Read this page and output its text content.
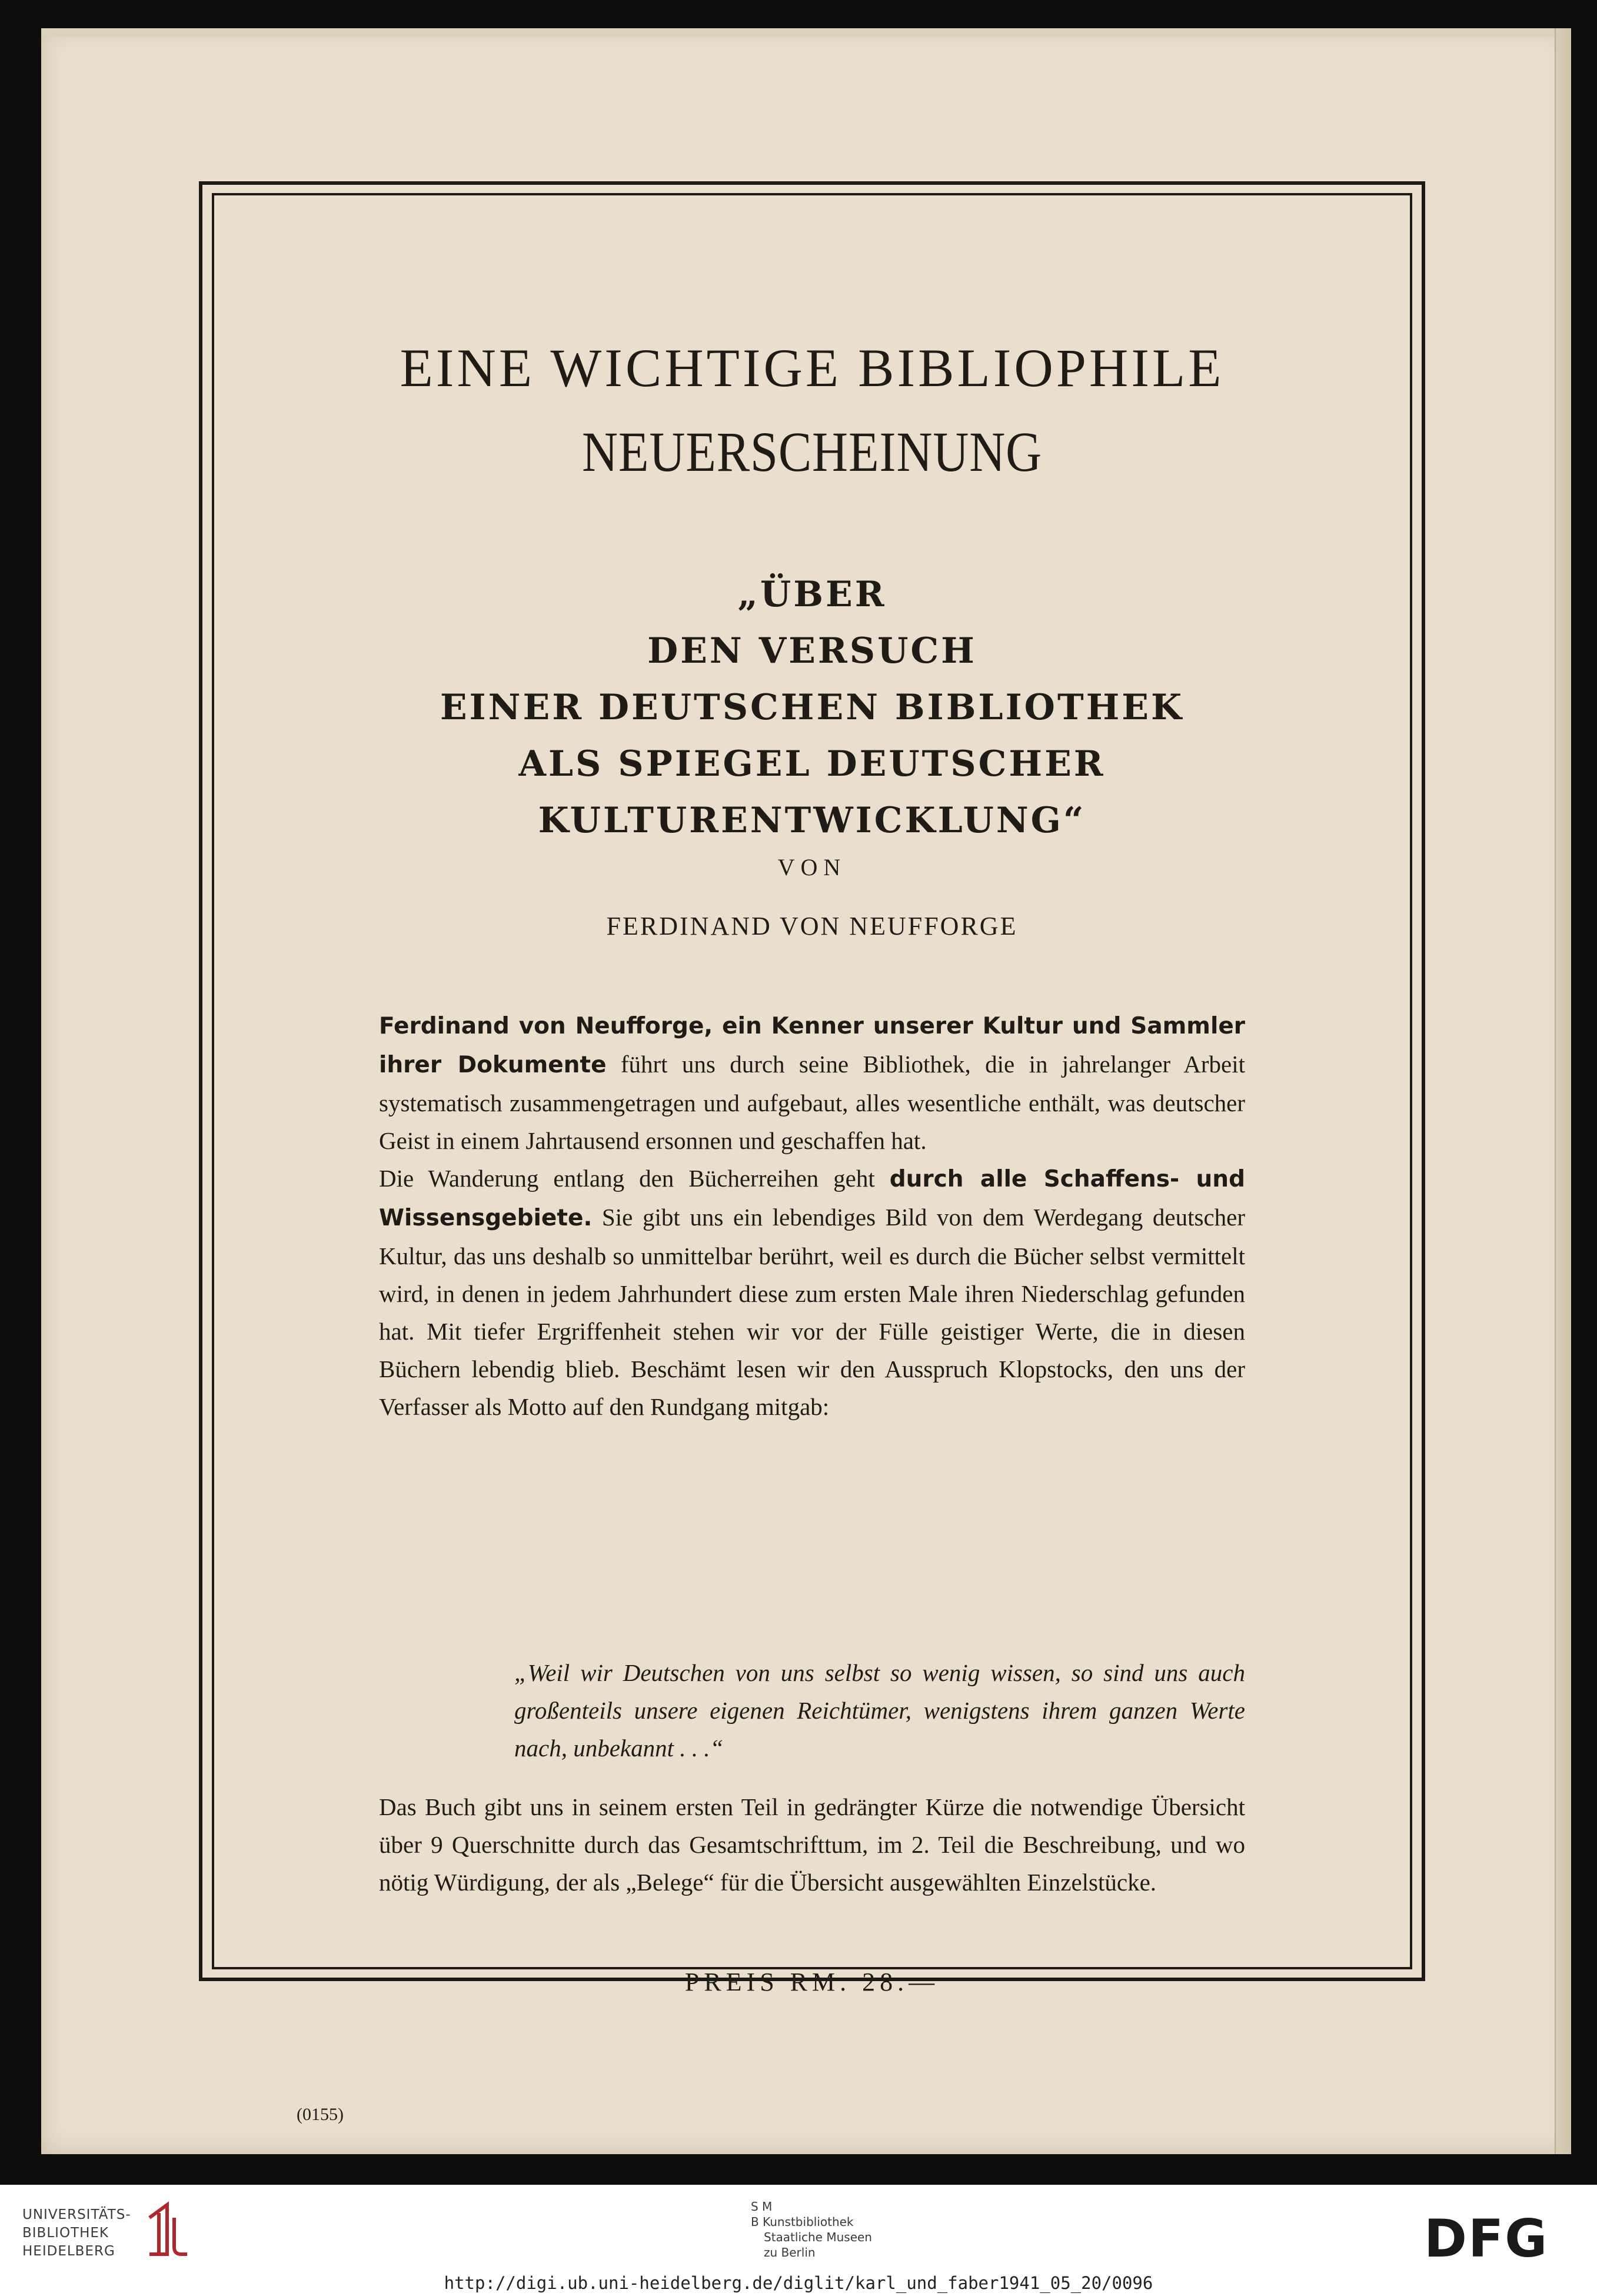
EINE WICHTIGE BIBLIOPHILE
NEUERSCHEINUNG
„ÜBER
DEN VERSUCH
EINER DEUTSCHEN BIBLIOTHEK
ALS SPIEGEL DEUTSCHER
KULTURENTWICKLUNG“
VON
FERDINAND VON NEUFFORGE

Ferdinand von Neufforge, ein Kenner unserer Kultur und Sammler ihrer Dokumente führt uns durch seine Bibliothek, die in jahrelanger Arbeit systematisch zusammengetragen und aufgebaut, alles wesentliche enthält, was deutscher Geist in einem Jahrtausend ersonnen und geschaffen hat.

Die Wanderung entlang den Bücherreihen geht durch alle Schaffens- und Wissensgebiete. Sie gibt uns ein lebendiges Bild von dem Werdegang deutscher Kultur, das uns deshalb so unmittelbar berührt, weil es durch die Bücher selbst vermittelt wird, in denen in jedem Jahrhundert diese zum ersten Male ihren Niederschlag gefunden hat. Mit tiefer Ergriffenheit stehen wir vor der Fülle geistiger Werte, die in diesen Büchern lebendig blieb. Beschämt lesen wir den Ausspruch Klopstocks, den uns der Verfasser als Motto auf den Rundgang mitgab:

„Weil wir Deutschen von uns selbst so wenig wissen, so sind uns auch großenteils unsere eigenen Reichtümer, wenigstens ihrem ganzen Werte nach, unbekannt . . .“
Das Buch gibt uns in seinem ersten Teil in gedrängter Kürze die notwendige Übersicht über 9 Querschnitte durch das Gesamtschrifttum, im 2. Teil die Beschreibung, und wo nötig Würdigung, der als „Belege“ für die Übersicht ausgewählten Einzelstücke.
PREIS RM. 28.—
(0155)
UNIVERSITÄTS-
BIBLIOTHEK
HEIDELBERG
S M
B Kunstbibliothek
Staatliche Museen
zu Berlin	DFG
http://digi.ub.uni-heidelberg.de/diglit/karl_und_faber1941_05_20/0096
